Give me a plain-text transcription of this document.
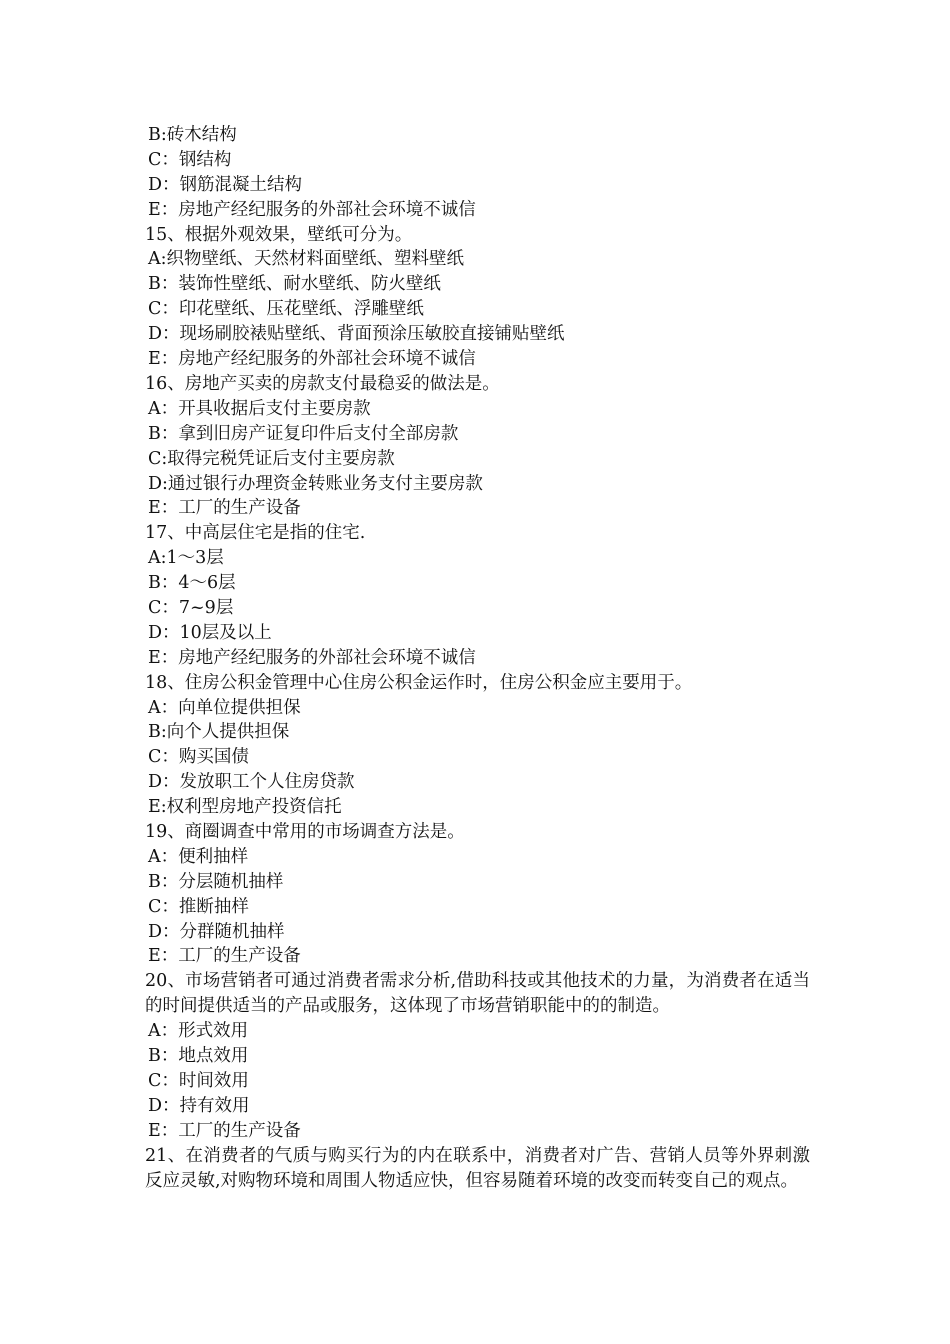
B:砖木结构
C：钢结构
D：钢筋混凝土结构
E：房地产经纪服务的外部社会环境不诚信
15、根据外观效果，壁纸可分为。
A:织物壁纸、天然材料面壁纸、塑料壁纸
B：装饰性壁纸、耐水壁纸、防火壁纸
C：印花壁纸、压花壁纸、浮雕壁纸
D：现场刷胶裱贴壁纸、背面预涂压敏胶直接铺贴壁纸
E：房地产经纪服务的外部社会环境不诚信
16、房地产买卖的房款支付最稳妥的做法是。
A：开具收据后支付主要房款
B：拿到旧房产证复印件后支付全部房款
C:取得完税凭证后支付主要房款
D:通过银行办理资金转账业务支付主要房款
E：工厂的生产设备
17、中高层住宅是指的住宅.
A:1～3层
B：4～6层
C：7~9层
D：10层及以上
E：房地产经纪服务的外部社会环境不诚信
18、住房公积金管理中心住房公积金运作时，住房公积金应主要用于。
A：向单位提供担保
B:向个人提供担保
C：购买国债
D：发放职工个人住房贷款
E:权利型房地产投资信托
19、商圈调查中常用的市场调查方法是。
A：便利抽样
B：分层随机抽样
C：推断抽样
D：分群随机抽样
E：工厂的生产设备
20、市场营销者可通过消费者需求分析,借助科技或其他技术的力量，为消费者在适当的时间提供适当的产品或服务，这体现了市场营销职能中的的制造。
A：形式效用
B：地点效用
C：时间效用
D：持有效用
E：工厂的生产设备
21、在消费者的气质与购买行为的内在联系中，消费者对广告、营销人员等外界刺激反应灵敏,对购物环境和周围人物适应快，但容易随着环境的改变而转变自己的观点。
